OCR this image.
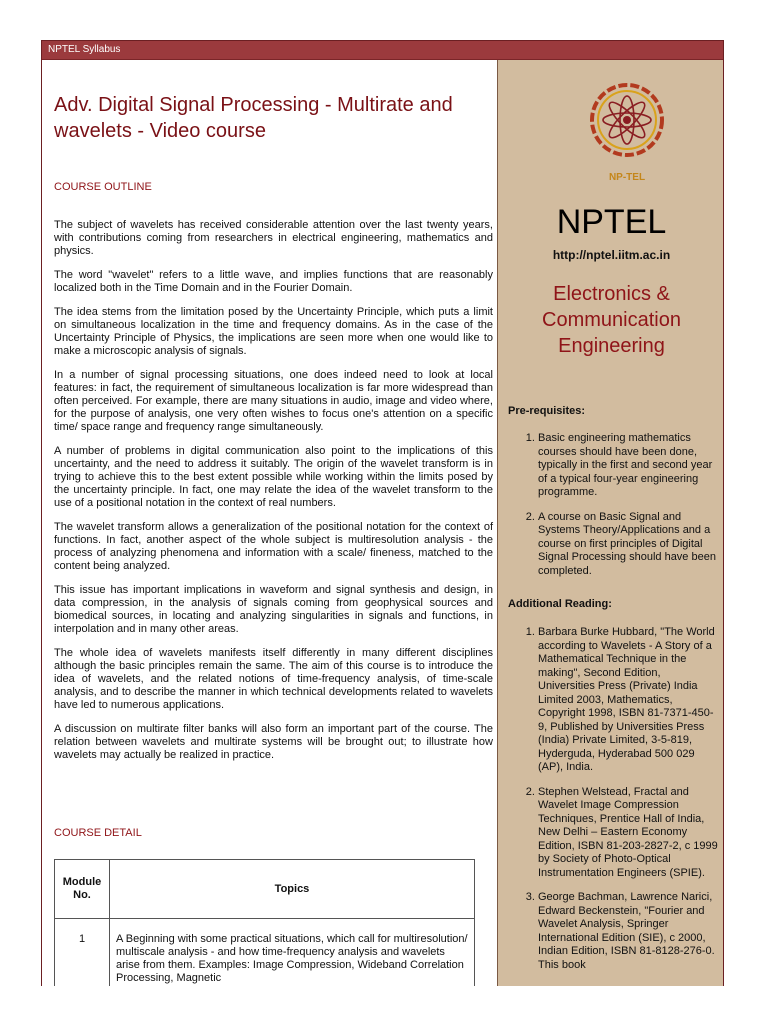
NPTEL Syllabus
Adv. Digital Signal Processing - Multirate and wavelets - Video course
COURSE OUTLINE

The subject of wavelets has received considerable attention over the last twenty years, with contributions coming from researchers in electrical engineering, mathematics and physics.

The word "wavelet" refers to a little wave, and implies functions that are reasonably localized both in the Time Domain and in the Fourier Domain.

The idea stems from the limitation posed by the Uncertainty Principle, which puts a limit on simultaneous localization in the time and frequency domains. As in the case of the Uncertainty Principle of Physics, the implications are seen more when one would like to make a microscopic analysis of signals.

In a number of signal processing situations, one does indeed need to look at local features: in fact, the requirement of simultaneous localization is far more widespread than often perceived. For example, there are many situations in audio, image and video where, for the purpose of analysis, one very often wishes to focus one's attention on a specific time/ space range and frequency range simultaneously.

A number of problems in digital communication also point to the implications of this uncertainty, and the need to address it suitably. The origin of the wavelet transform is in trying to achieve this to the best extent possible while working within the limits posed by the uncertainty principle. In fact, one may relate the idea of the wavelet transform to the use of a positional notation in the context of real numbers.

The wavelet transform allows a generalization of the positional notation for the context of functions. In fact, another aspect of the whole subject is multiresolution analysis - the process of analyzing phenomena and information with a scale/ fineness, matched to the content being analyzed.

This issue has important implications in waveform and signal synthesis and design, in data compression, in the analysis of signals coming from geophysical sources and biomedical sources, in locating and analyzing singularities in signals and functions, in interpolation and in many other areas.

The whole idea of wavelets manifests itself differently in many different disciplines although the basic principles remain the same. The aim of this course is to introduce the idea of wavelets, and the related notions of time-frequency analysis, of time-scale analysis, and to describe the manner in which technical developments related to wavelets have led to numerous applications.

A discussion on multirate filter banks will also form an important part of the course. The relation between wavelets and multirate systems will be brought out; to illustrate how wavelets may actually be realized in practice.

COURSE DETAIL
Module No.	Topics
1	A Beginning with some practical situations, which call for multiresolution/ multiscale analysis - and how time-frequency analysis and wavelets arise from them. Examples: Image Compression, Wideband Correlation Processing, Magnetic
NP-TEL
NPTEL
http://nptel.iitm.ac.in
Electronics & Communication Engineering
Pre-requisites:
1. Basic engineering mathematics courses should have been done, typically in the first and second year of a typical four-year engineering programme.
2. A course on Basic Signal and Systems Theory/Applications and a course on first principles of Digital Signal Processing should have been completed.
Additional Reading:
1. Barbara Burke Hubbard, "The World according to Wavelets - A Story of a Mathematical Technique in the making", Second Edition, Universities Press (Private) India Limited 2003, Mathematics, Copyright 1998, ISBN 81-7371-450-9, Published by Universities Press (India) Private Limited, 3-5-819, Hyderguda, Hyderabad 500 029 (AP), India.
2. Stephen Welstead, Fractal and Wavelet Image Compression Techniques, Prentice Hall of India, New Delhi – Eastern Economy Edition, ISBN 81-203-2827-2, c 1999 by Society of Photo-Optical Instrumentation Engineers (SPIE).
3. George Bachman, Lawrence Narici, Edward Beckenstein, "Fourier and Wavelet Analysis, Springer International Edition (SIE), c 2000, Indian Edition, ISBN 81-8128-276-0. This book
